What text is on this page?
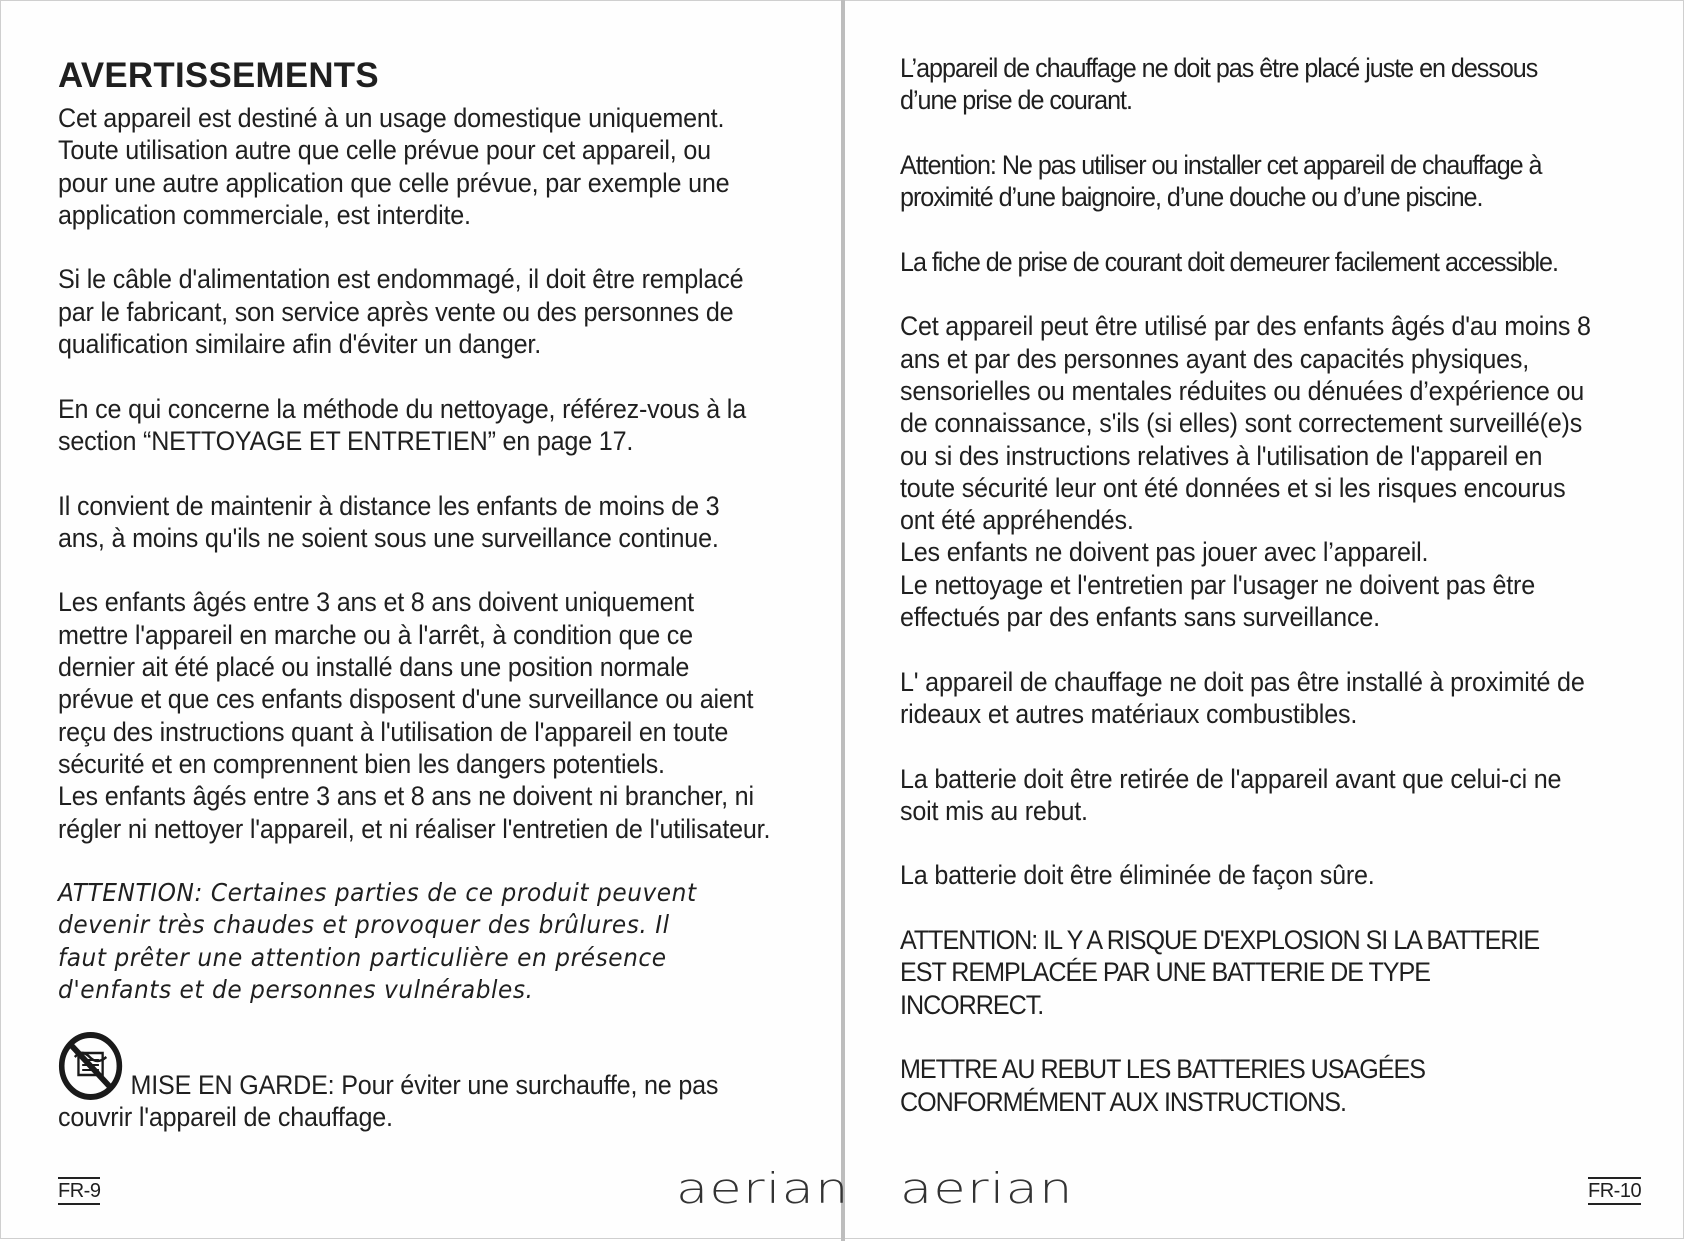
AVERTISSEMENTS

Cet appareil est destiné à un usage domestique uniquement.
Toute utilisation autre que celle prévue pour cet appareil, ou
pour une autre application que celle prévue, par exemple une
application commerciale, est interdite.

Si le câble d'alimentation est endommagé, il doit être remplacé
par le fabricant, son service après vente ou des personnes de
qualification similaire afin d'éviter un danger.

En ce qui concerne la méthode du nettoyage, référez-vous à la
section “NETTOYAGE ET ENTRETIEN” en page 17.

Il convient de maintenir à distance les enfants de moins de 3
ans, à moins qu'ils ne soient sous une surveillance continue.

Les enfants âgés entre 3 ans et 8 ans doivent uniquement
mettre l'appareil en marche ou à l'arrêt, à condition que ce
dernier ait été placé ou installé dans une position normale
prévue et que ces enfants disposent d'une surveillance ou aient
reçu des instructions quant à l'utilisation de l'appareil en toute
sécurité et en comprennent bien les dangers potentiels.
Les enfants âgés entre 3 ans et 8 ans ne doivent ni brancher, ni
régler ni nettoyer l'appareil, et ni réaliser l'entretien de l'utilisateur.

ATTENTION: Certaines parties de ce produit peuvent
devenir très chaudes et provoquer des brûlures. Il
faut prêter une attention particulière en présence
d'enfants et de personnes vulnérables.

MISE EN GARDE: Pour éviter une surchauffe, ne pas
couvrir l'appareil de chauffage.

L’appareil de chauffage ne doit pas être placé juste en dessous
d’une prise de courant.

Attention: Ne pas utiliser ou installer cet appareil de chauffage à
proximité d’une baignoire, d’une douche ou d’une piscine.

La fiche de prise de courant doit demeurer facilement accessible.

Cet appareil peut être utilisé par des enfants âgés d'au moins 8
ans et par des personnes ayant des capacités physiques,
sensorielles ou mentales réduites ou dénuées d’expérience ou
de connaissance, s'ils (si elles) sont correctement surveillé(e)s
ou si des instructions relatives à l'utilisation de l'appareil en
toute sécurité leur ont été données et si les risques encourus
ont été appréhendés.
Les enfants ne doivent pas jouer avec l’appareil.
Le nettoyage et l'entretien par l'usager ne doivent pas être
effectués par des enfants sans surveillance.

L' appareil de chauffage ne doit pas être installé à proximité de
rideaux et autres matériaux combustibles.

La batterie doit être retirée de l'appareil avant que celui-ci ne
soit mis au rebut.

La batterie doit être éliminée de façon sûre.

ATTENTION: IL Y A RISQUE D'EXPLOSION SI LA BATTERIE
EST REMPLACÉE PAR UNE BATTERIE DE TYPE
INCORRECT.

METTRE AU REBUT LES BATTERIES USAGÉES
CONFORMÉMENT AUX INSTRUCTIONS.

FR-9	aerian aerian	FR-10
